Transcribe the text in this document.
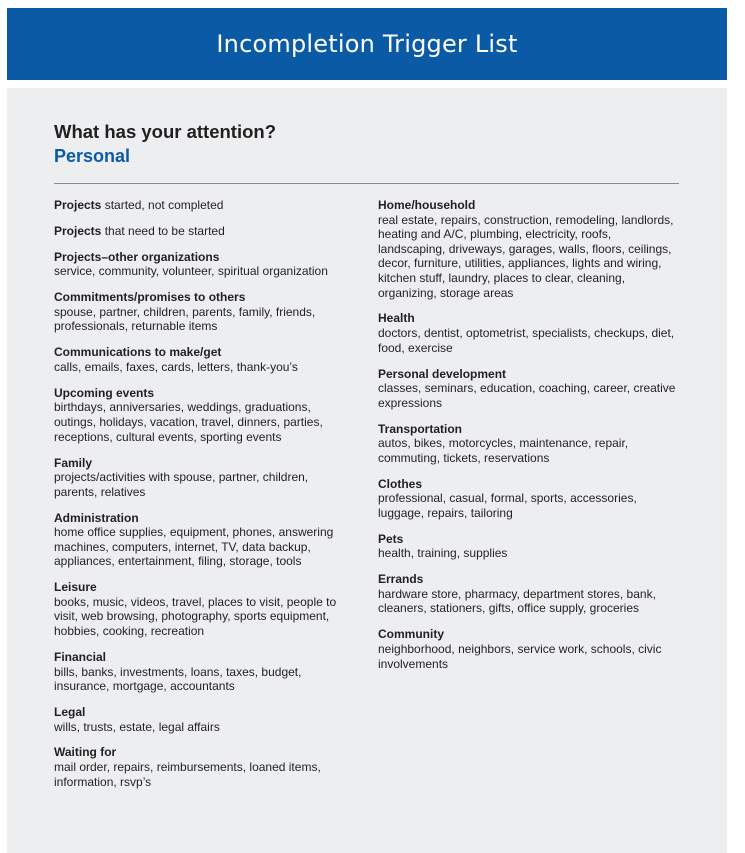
Incompletion Trigger List
What has your attention?
Personal
Projects started, not completed
Projects that need to be started
Projects–other organizations
service, community, volunteer, spiritual organization
Commitments/promises to others
spouse, partner, children, parents, family, friends, professionals, returnable items
Communications to make/get
calls, emails, faxes, cards, letters, thank-you’s
Upcoming events
birthdays, anniversaries, weddings, graduations, outings, holidays, vacation, travel, dinners, parties, receptions, cultural events, sporting events
Family
projects/activities with spouse, partner, children, parents, relatives
Administration
home office supplies, equipment, phones, answering machines, computers, internet, TV, data backup, appliances, entertainment, filing, storage, tools
Leisure
books, music, videos, travel, places to visit, people to visit, web browsing, photography, sports equipment, hobbies, cooking, recreation
Financial
bills, banks, investments, loans, taxes, budget, insurance, mortgage, accountants
Legal
wills, trusts, estate, legal affairs
Waiting for
mail order, repairs, reimbursements, loaned items, information, rsvp’s
Home/household
real estate, repairs, construction, remodeling, landlords, heating and A/C, plumbing, electricity, roofs, landscaping, driveways, garages, walls, floors, ceilings, decor, furniture, utilities, appliances, lights and wiring, kitchen stuff, laundry, places to clear, cleaning, organizing, storage areas
Health
doctors, dentist, optometrist, specialists, checkups, diet, food, exercise
Personal development
classes, seminars, education, coaching, career, creative expressions
Transportation
autos, bikes, motorcycles, maintenance, repair, commuting, tickets, reservations
Clothes
professional, casual, formal, sports, accessories, luggage, repairs, tailoring
Pets
health, training, supplies
Errands
hardware store, pharmacy, department stores, bank, cleaners, stationers, gifts, office supply, groceries
Community
neighborhood, neighbors, service work, schools, civic involvements
